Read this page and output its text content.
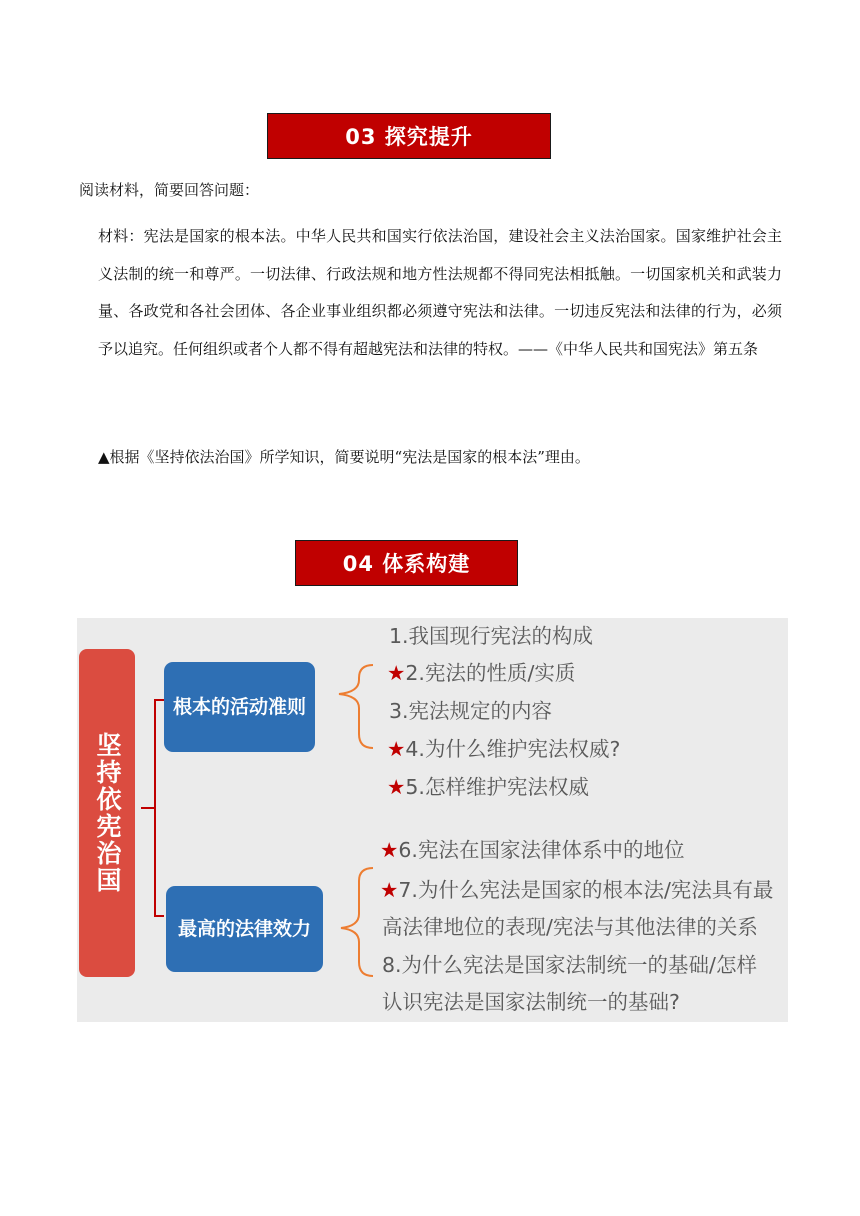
03 探究提升
阅读材料，简要回答问题：
材料：宪法是国家的根本法。中华人民共和国实行依法治国，建设社会主义法治国家。国家维护社会主义法制的统一和尊严。一切法律、行政法规和地方性法规都不得同宪法相抵触。一切国家机关和武装力量、各政党和各社会团体、各企业事业组织都必须遵守宪法和法律。一切违反宪法和法律的行为，必须予以追究。任何组织或者个人都不得有超越宪法和法律的特权。——《中华人民共和国宪法》第五条
▲根据《坚持依法治国》所学知识，简要说明“宪法是国家的根本法”理由。
04 体系构建
坚持依宪治国
根本的活动准则
最高的法律效力
1.我国现行宪法的构成
★2.宪法的性质/实质
3.宪法规定的内容
★4.为什么维护宪法权威?
★5.怎样维护宪法权威
★6.宪法在国家法律体系中的地位
★7.为什么宪法是国家的根本法/宪法具有最
高法律地位的表现/宪法与其他法律的关系
8.为什么宪法是国家法制统一的基础/怎样
认识宪法是国家法制统一的基础?
